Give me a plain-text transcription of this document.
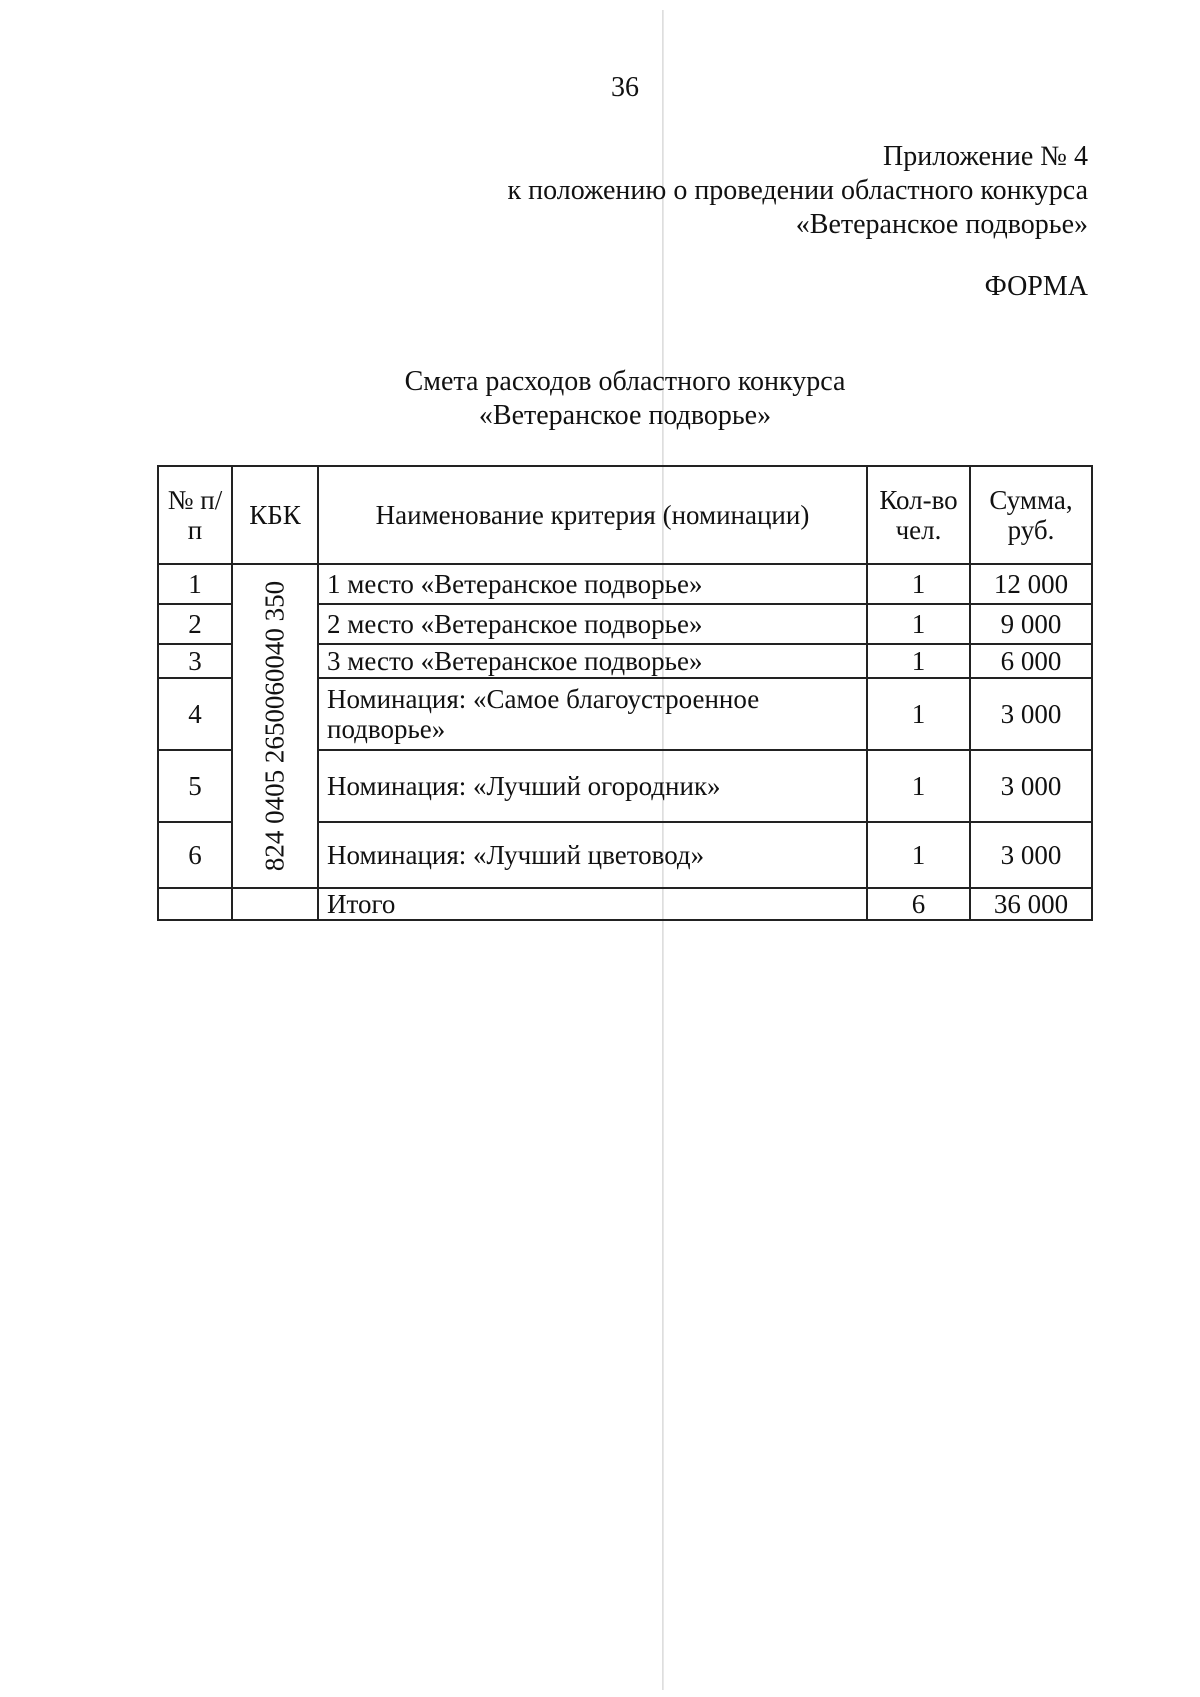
36
Приложение № 4
к положению о проведении областного конкурса
«Ветеранское подворье»
ФОРМА
Смета расходов областного конкурса
«Ветеранское подворье»
№ п/п	КБК	Наименование критерия (номинации)	Кол-во чел.	Сумма, руб.
1	824 0405 2650060040 350	1 место «Ветеранское подворье»	1	12 000
2		2 место «Ветеранское подворье»	1	9 000
3		3 место «Ветеранское подворье»	1	6 000
4		Номинация: «Самое благоустроенное подворье»	1	3 000
5		Номинация: «Лучший огородник»	1	3 000
6		Номинация: «Лучший цветовод»	1	3 000
		Итого	6	36 000
